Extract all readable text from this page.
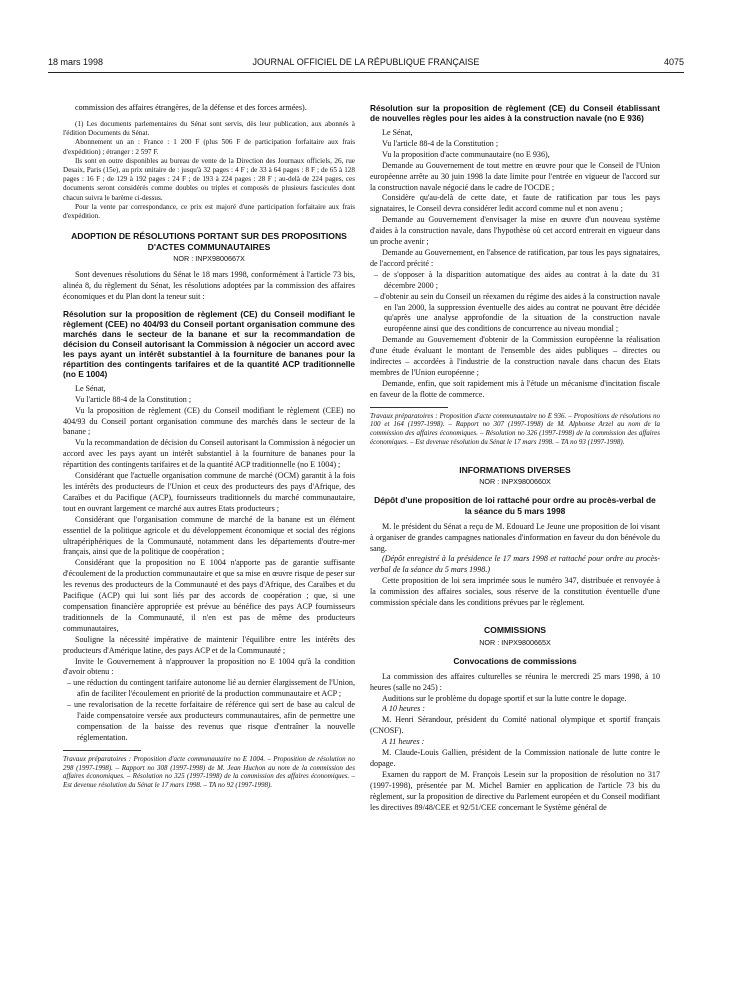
18 mars 1998	JOURNAL OFFICIEL DE LA RÉPUBLIQUE FRANÇAISE	4075

commission des affaires étrangères, de la défense et des forces armées).

(1) Les documents parlementaires du Sénat sont servis, dès leur publication, aux abonnés à l'édition Documents du Sénat.

Abonnement un an : France : 1 200 F (plus 506 F de participation forfaitaire aux frais d'expédition) ; étranger : 2 597 F.

Ils sont en outre disponibles au bureau de vente de la Direction des Journaux officiels, 26, rue Desaix, Paris (15e), au prix unitaire de : jusqu'à 32 pages : 4 F ; de 33 à 64 pages : 8 F ; de 65 à 128 pages : 16 F ; de 129 à 192 pages : 24 F ; de 193 à 224 pages : 28 F ; au-delà de 224 pages, ces documents seront considérés comme doubles ou triples et composés de plusieurs fascicules dont chacun suivra le barème ci-dessus.

Pour la vente par correspondance, ce prix est majoré d'une participation forfaitaire aux frais d'expédition.

ADOPTION DE RÉSOLUTIONS PORTANT SUR DES PROPOSITIONS D'ACTES COMMUNAUTAIRES
NOR : INPX9800667X

Sont devenues résolutions du Sénat le 18 mars 1998, conformément à l'article 73 bis, alinéa 8, du règlement du Sénat, les résolutions adoptées par la commission des affaires économiques et du Plan dont la teneur suit :

Résolution sur la proposition de règlement (CE) du Conseil modifiant le règlement (CEE) no 404/93 du Conseil portant organisation commune des marchés dans le secteur de la banane et sur la recommandation de décision du Conseil autorisant la Commission à négocier un accord avec les pays ayant un intérêt substantiel à la fourniture de bananes pour la répartition des contingents tarifaires et de la quantité ACP traditionnelle (no E 1004)

Le Sénat,

Vu l'article 88-4 de la Constitution ;

Vu la proposition de règlement (CE) du Conseil modifiant le règlement (CEE) no 404/93 du Conseil portant organisation commune des marchés dans le secteur de la banane ;

Vu la recommandation de décision du Conseil autorisant la Commission à négocier un accord avec les pays ayant un intérêt substantiel à la fourniture de bananes pour la répartition des contingents tarifaires et de la quantité ACP traditionnelle (no E 1004) ;

Considérant que l'actuelle organisation commune de marché (OCM) garantit à la fois les intérêts des producteurs de l'Union et ceux des producteurs des pays d'Afrique, des Caraïbes et du Pacifique (ACP), fournisseurs traditionnels du marché communautaire, tout en ouvrant largement ce marché aux autres Etats producteurs ;

Considérant que l'organisation commune de marché de la banane est un élément essentiel de la politique agricole et du développement économique et social des régions ultrapériphériques de la Communauté, notamment dans les départements d'outre-mer français, ainsi que de la politique de coopération ;

Considérant que la proposition no E 1004 n'apporte pas de garantie suffisante d'écoulement de la production communautaire et que sa mise en œuvre risque de peser sur les revenus des producteurs de la Communauté et des pays d'Afrique, des Caraïbes et du Pacifique (ACP) qui lui sont liés par des accords de coopération ; que, si une compensation financière appropriée est prévue au bénéfice des pays ACP fournisseurs traditionnels de la Communauté, il n'en est pas de même des producteurs communautaires,

Souligne la nécessité impérative de maintenir l'équilibre entre les intérêts des producteurs d'Amérique latine, des pays ACP et de la Communauté ;

Invite le Gouvernement à n'approuver la proposition no E 1004 qu'à la condition d'avoir obtenu :

– une réduction du contingent tarifaire autonome lié au dernier élargissement de l'Union, afin de faciliter l'écoulement en priorité de la production communautaire et ACP ;

– une revalorisation de la recette forfaitaire de référence qui sert de base au calcul de l'aide compensatoire versée aux producteurs communautaires, afin de permettre une compensation de la baisse des revenus que risque d'entraîner la nouvelle réglementation.

Travaux préparatoires : Proposition d'acte communautaire no E 1004. – Proposition de résolution no 298 (1997-1998). – Rapport no 308 (1997-1998) de M. Jean Huchon au nom de la commission des affaires économiques. – Résolution no 325 (1997-1998) de la commission des affaires économiques. – Est devenue résolution du Sénat le 17 mars 1998. – TA no 92 (1997-1998).
Résolution sur la proposition de règlement (CE) du Conseil établissant de nouvelles règles pour les aides à la construction navale (no E 936)

Le Sénat,

Vu l'article 88-4 de la Constitution ;

Vu la proposition d'acte communautaire (no E 936),

Demande au Gouvernement de tout mettre en œuvre pour que le Conseil de l'Union européenne arrête au 30 juin 1998 la date limite pour l'entrée en vigueur de l'accord sur la construction navale négocié dans le cadre de l'OCDE ;

Considère qu'au-delà de cette date, et faute de ratification par tous les pays signataires, le Conseil devra considérer ledit accord comme nul et non avenu ;

Demande au Gouvernement d'envisager la mise en œuvre d'un nouveau système d'aides à la construction navale, dans l'hypothèse où cet accord entrerait en vigueur dans un proche avenir ;

Demande au Gouvernement, en l'absence de ratification, par tous les pays signataires, de l'accord précité :

– de s'opposer à la disparition automatique des aides au contrat à la date du 31 décembre 2000 ;

– d'obtenir au sein du Conseil un réexamen du régime des aides à la construction navale en l'an 2000, la suppression éventuelle des aides au contrat ne pouvant être décidée qu'après une analyse approfondie de la situation de la construction navale européenne ainsi que des conditions de concurrence au niveau mondial ;

Demande au Gouvernement d'obtenir de la Commission européenne la réalisation d'une étude évaluant le montant de l'ensemble des aides publiques – directes ou indirectes – accordées à l'industrie de la construction navale dans chacun des Etats membres de l'Union européenne ;

Demande, enfin, que soit rapidement mis à l'étude un mécanisme d'incitation fiscale en faveur de la flotte de commerce.

Travaux préparatoires : Proposition d'acte communautaire no E 936. – Propositions de résolutions no 100 et 164 (1997-1998). – Rapport no 307 (1997-1998) de M. Alphonse Arzel au nom de la commission des affaires économiques. – Résolution no 326 (1997-1998) de la commission des affaires économiques. – Est devenue résolution du Sénat le 17 mars 1998. – TA no 93 (1997-1998).
INFORMATIONS DIVERSES
NOR : INPX9800660X
Dépôt d'une proposition de loi rattaché pour ordre au procès-verbal de la séance du 5 mars 1998

M. le président du Sénat a reçu de M. Edouard Le Jeune une proposition de loi visant à organiser de grandes campagnes nationales d'information en faveur du don bénévole du sang.

(Dépôt enregistré à la présidence le 17 mars 1998 et rattaché pour ordre au procès-verbal de la séance du 5 mars 1998.)

Cette proposition de loi sera imprimée sous le numéro 347, distribuée et renvoyée à la commission des affaires sociales, sous réserve de la constitution éventuelle d'une commission spéciale dans les conditions prévues par le règlement.

COMMISSIONS
NOR : INPX9800665X
Convocations de commissions

La commission des affaires culturelles se réunira le mercredi 25 mars 1998, à 10 heures (salle no 245) :

Auditions sur le problème du dopage sportif et sur la lutte contre le dopage.

A 10 heures :

M. Henri Sérandour, président du Comité national olympique et sportif français (CNOSF).

A 11 heures :

M. Claude-Louis Gallien, président de la Commission nationale de lutte contre le dopage.

Examen du rapport de M. François Lesein sur la proposition de résolution no 317 (1997-1998), présentée par M. Michel Barnier en application de l'article 73 bis du règlement, sur la proposition de directive du Parlement européen et du Conseil modifiant les directives 89/48/CEE et 92/51/CEE concernant le Système général de
